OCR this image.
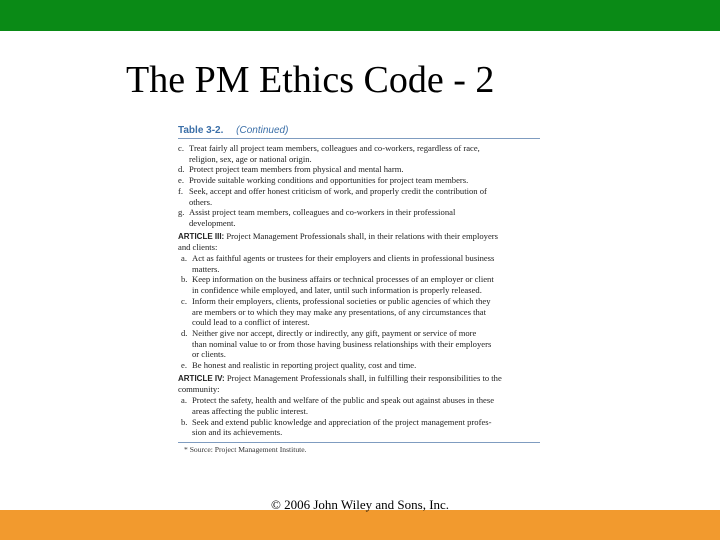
The PM Ethics Code - 2
Table 3-2. (Continued)
c. Treat fairly all project team members, colleagues and co-workers, regardless of race,
religion, sex, age or national origin.
d. Protect project team members from physical and mental harm.
e. Provide suitable working conditions and opportunities for project team members.
f. Seek, accept and offer honest criticism of work, and properly credit the contribution of
others.
g. Assist project team members, colleagues and co-workers in their professional
development.
ARTICLE III: Project Management Professionals shall, in their relations with their employers
and clients:
a. Act as faithful agents or trustees for their employers and clients in professional business
matters.
b. Keep information on the business affairs or technical processes of an employer or client
in confidence while employed, and later, until such information is properly released.
c. Inform their employers, clients, professional societies or public agencies of which they
are members or to which they may make any presentations, of any circumstances that
could lead to a conflict of interest.
d. Neither give nor accept, directly or indirectly, any gift, payment or service of more
than nominal value to or from those having business relationships with their employers
or clients.
e. Be honest and realistic in reporting project quality, cost and time.
ARTICLE IV: Project Management Professionals shall, in fulfilling their responsibilities to the
community:
a. Protect the safety, health and welfare of the public and speak out against abuses in these
areas affecting the public interest.
b. Seek and extend public knowledge and appreciation of the project management profes-
sion and its achievements.
* Source: Project Management Institute.
© 2006 John Wiley and Sons, Inc.
